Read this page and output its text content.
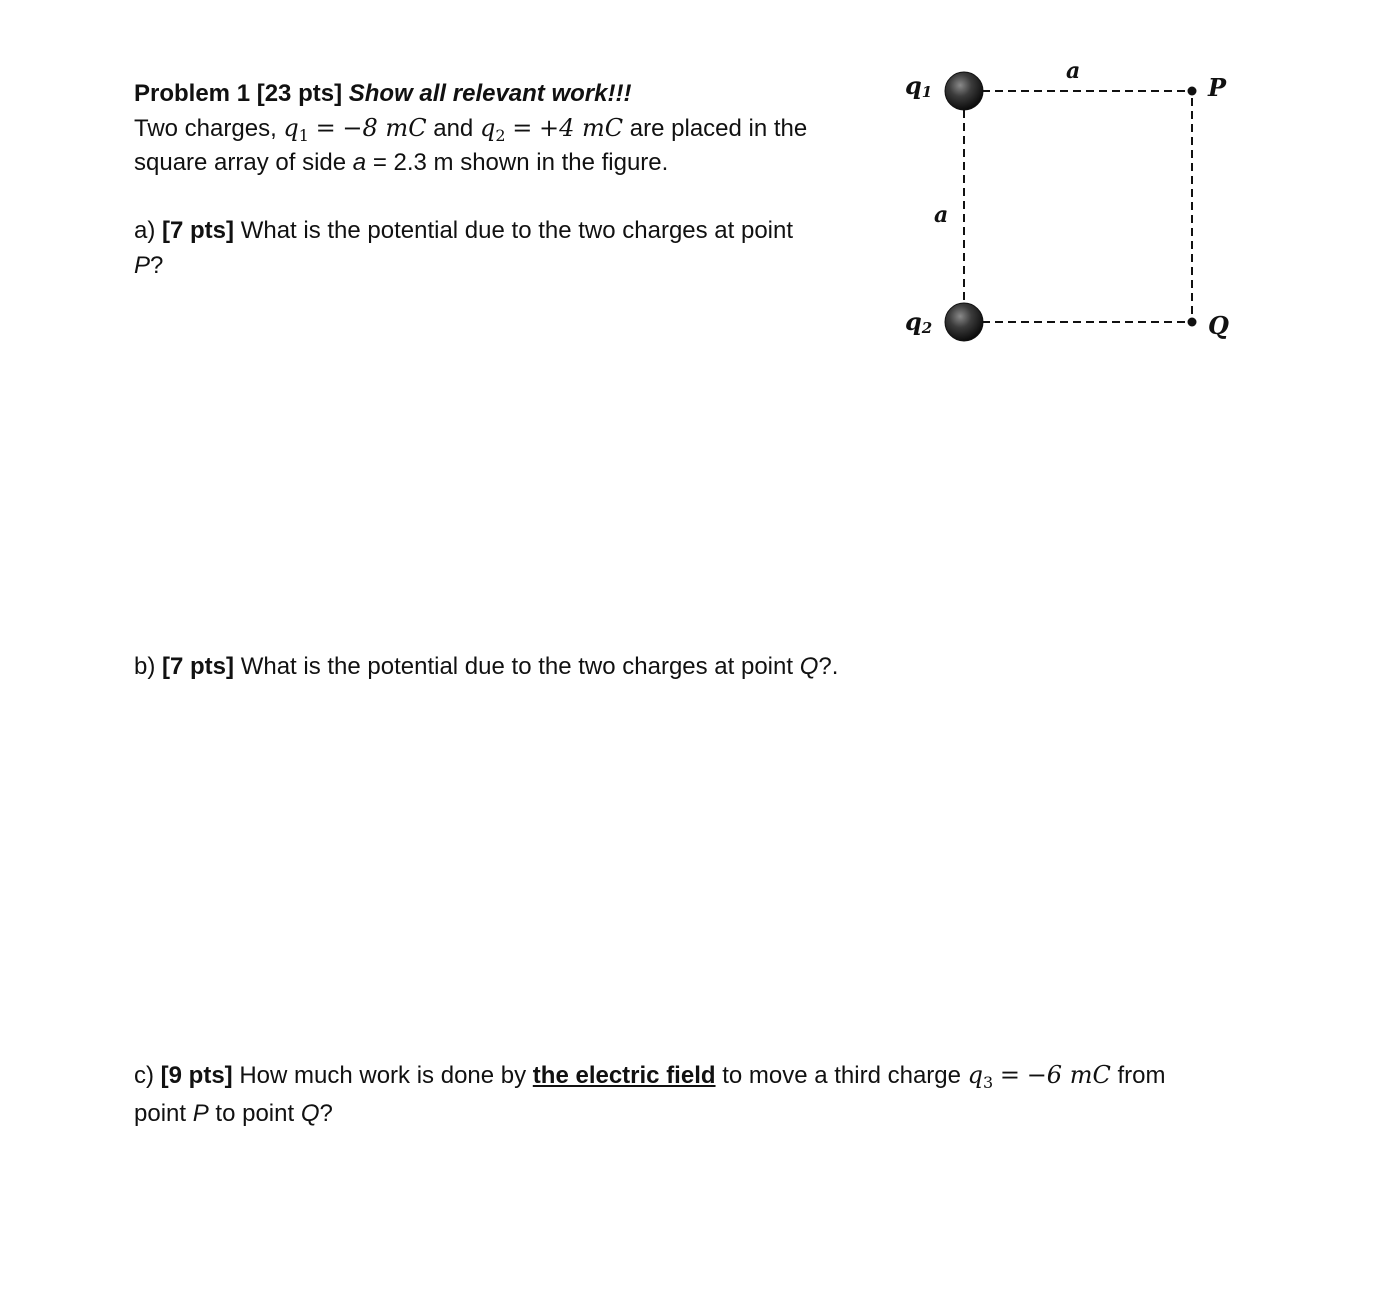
Problem 1 [23 pts] Show all relevant work!!!
Two charges, $q_1 = -8$ mC and $q_2 = +4$ mC are placed in the
square array of side a = 2.3 m shown in the figure.
a) [7 pts] What is the potential due to the two charges at point
P?
b) [7 pts] What is the potential due to the two charges at point Q?.
c) [9 pts] How much work is done by the electric field to move a third charge $q_3 = -6$ mC from
point P to point Q?
q1
q2
a
a
P
Q
